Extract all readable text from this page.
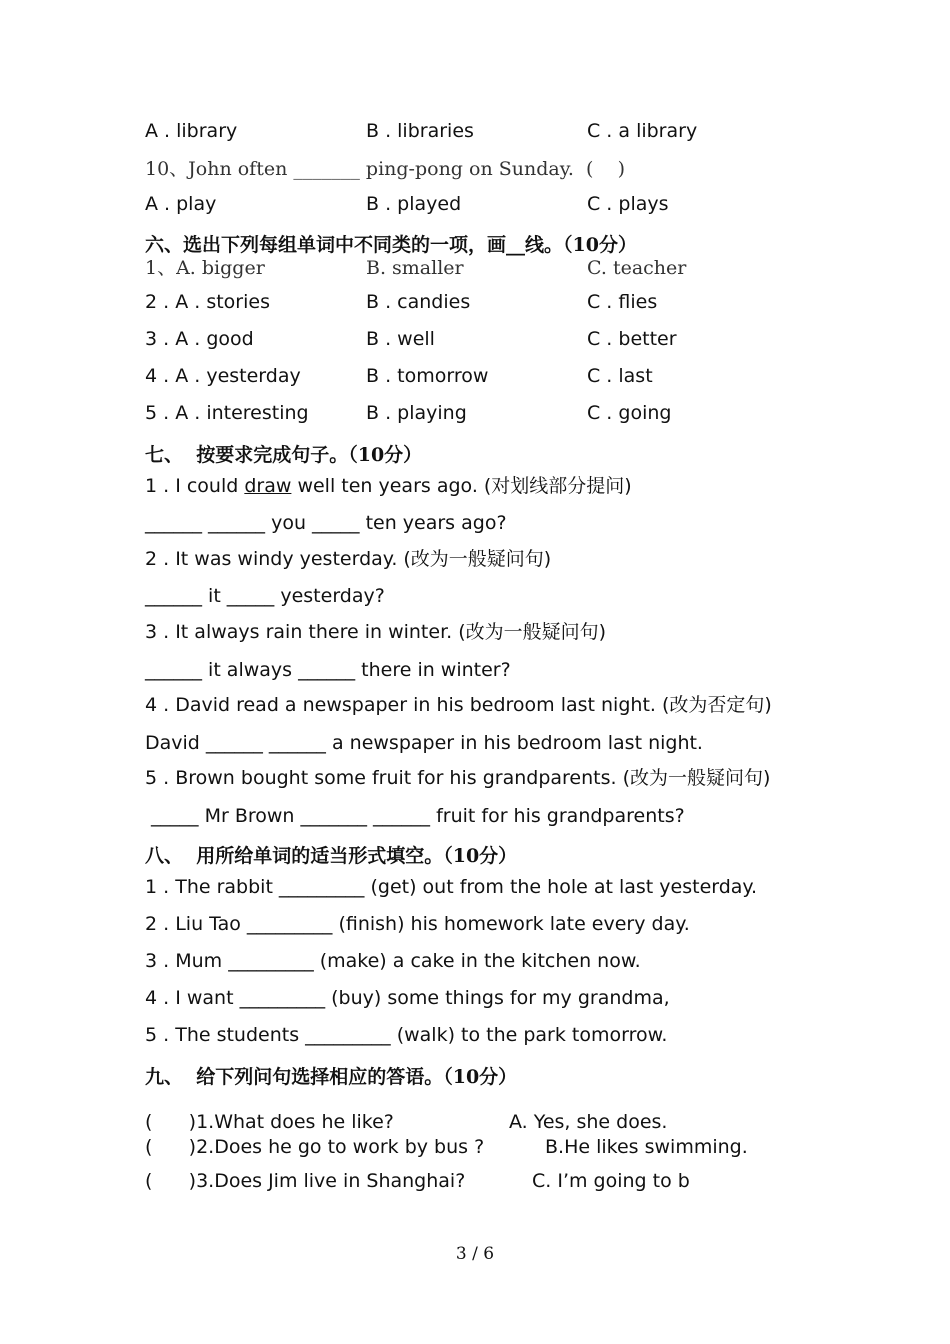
A . library	B . libraries	C . a library
10、John often _______ ping-pong on Sunday.  (    )
A . play	B . played	C . plays
六、选出下列每组单词中不同类的一项，画__线。（10分）
1、A. bigger	B. smaller	C. teacher
2 . A . stories	B . candies	C . flies
3 . A . good	B . well	C . better
4 . A . yesterday	B . tomorrow	C . last
5 . A . interesting	B . playing	C . going
七、  按要求完成句子。（10分）
1 . I could draw well ten years ago. (对划线部分提问)
______ ______ you _____ ten years ago?
2 . It was windy yesterday. (改为一般疑问句)
______ it _____ yesterday?
3 . It always rain there in winter. (改为一般疑问句)
______ it always ______ there in winter?
4 . David read a newspaper in his bedroom last night. (改为否定句)
David ______ ______ a newspaper in his bedroom last night.
5 . Brown bought some fruit for his grandparents. (改为一般疑问句)
_____ Mr Brown _______ ______ fruit for his grandparents?
八、  用所给单词的适当形式填空。（10分）
1 . The rabbit _________ (get) out from the hole at last yesterday.
2 . Liu Tao _________ (finish) his homework late every day.
3 . Mum _________ (make) a cake in the kitchen now.
4 . I want _________ (buy) some things for my grandma,
5 . The students _________ (walk) to the park tomorrow.
九、  给下列问句选择相应的答语。（10分）
(      )1.What does he like?	A. Yes, she does.
(      )2.Does he go to work by bus ?	B.He likes swimming.
(      )3.Does Jim live in Shanghai?	C. I’m going to b
3 / 6
